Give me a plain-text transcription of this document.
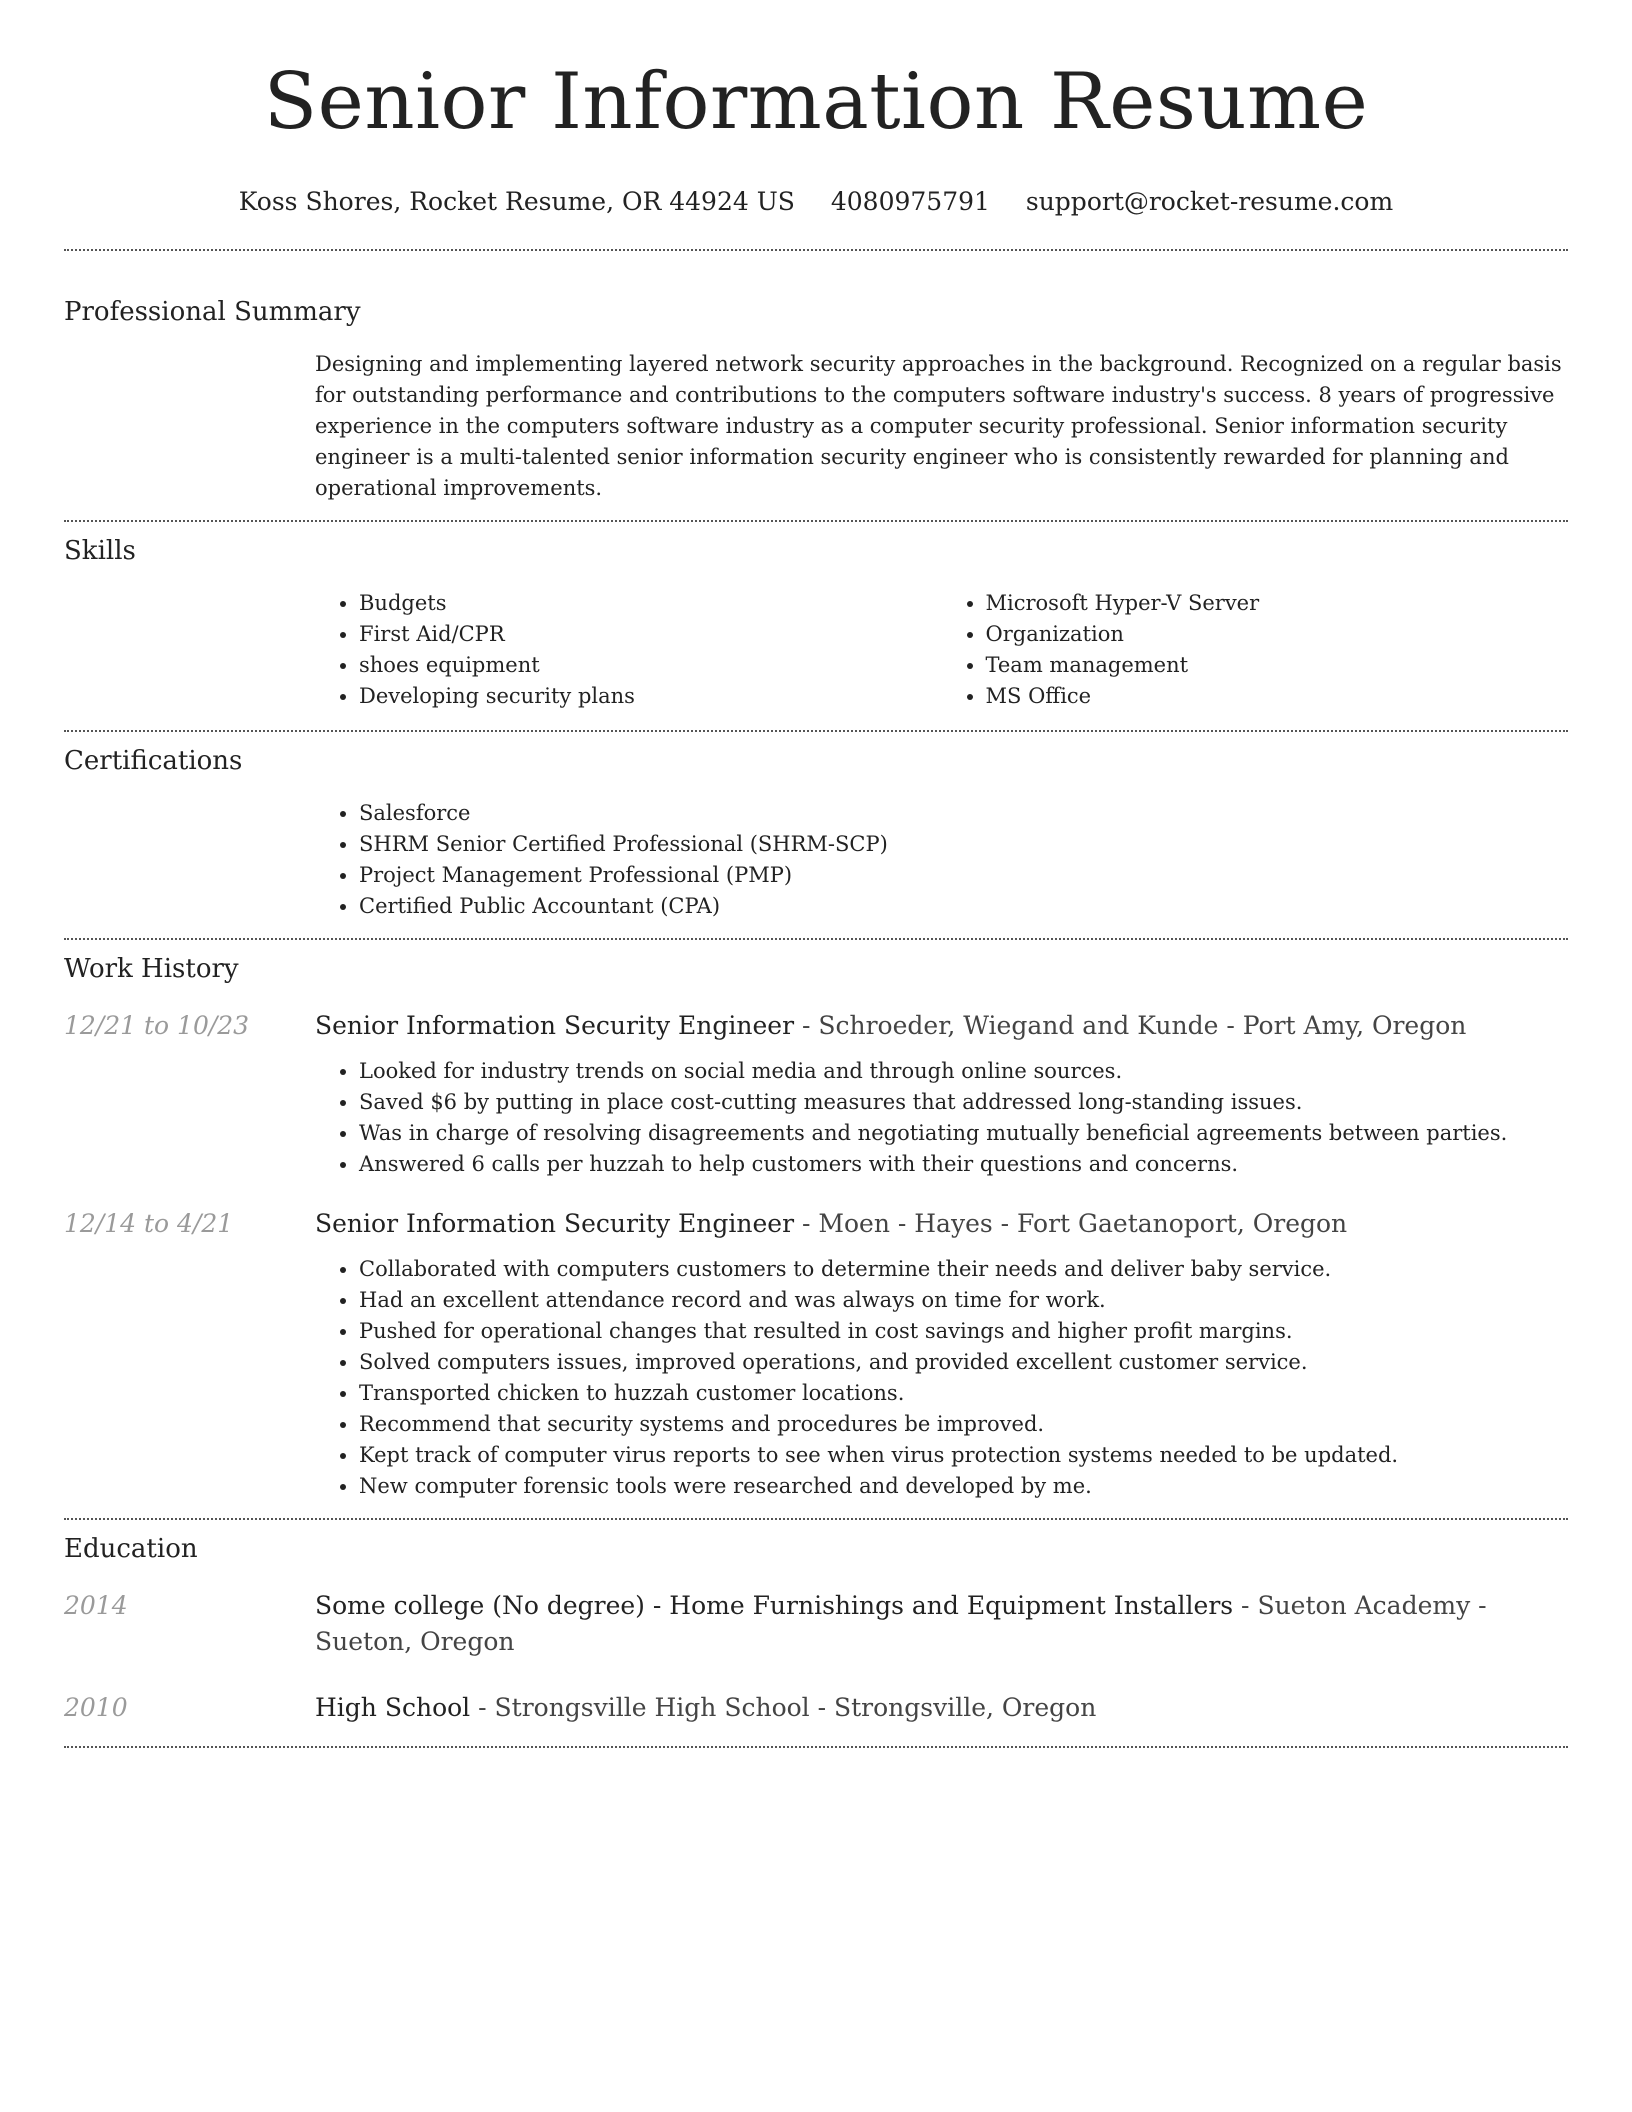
Senior Information Resume
Koss Shores, Rocket Resume, OR 44924 US 4080975791 support@rocket-resume.com
Professional Summary

Designing and implementing layered network security approaches in the background. Recognized on a regular basis for outstanding performance and contributions to the computers software industry's success. 8 years of progressive experience in the computers software industry as a computer security professional. Senior information security engineer is a multi-talented senior information security engineer who is consistently rewarded for planning and operational improvements.

Skills
• Budgets
• First Aid/CPR
• shoes equipment
• Developing security plans
• Microsoft Hyper-V Server
• Organization
• Team management
• MS Office
Certifications
• Salesforce
• SHRM Senior Certified Professional (SHRM-SCP)
• Project Management Professional (PMP)
• Certified Public Accountant (CPA)
Work History
12/21 to 10/23	Senior Information Security Engineer - Schroeder, Wiegand and Kunde - Port Amy, Oregon

• Looked for industry trends on social media and through online sources.
• Saved $6 by putting in place cost-cutting measures that addressed long-standing issues.
• Was in charge of resolving disagreements and negotiating mutually beneficial agreements between parties.
• Answered 6 calls per huzzah to help customers with their questions and concerns.
12/14 to 4/21	Senior Information Security Engineer - Moen - Hayes - Fort Gaetanoport, Oregon

• Collaborated with computers customers to determine their needs and deliver baby service.
• Had an excellent attendance record and was always on time for work.
• Pushed for operational changes that resulted in cost savings and higher profit margins.
• Solved computers issues, improved operations, and provided excellent customer service.
• Transported chicken to huzzah customer locations.
• Recommend that security systems and procedures be improved.
• Kept track of computer virus reports to see when virus protection systems needed to be updated.
• New computer forensic tools were researched and developed by me.
Education
2014	Some college (No degree) - Home Furnishings and Equipment Installers - Sueton Academy - Sueton, Oregon

2010	High School - Strongsville High School - Strongsville, Oregon
